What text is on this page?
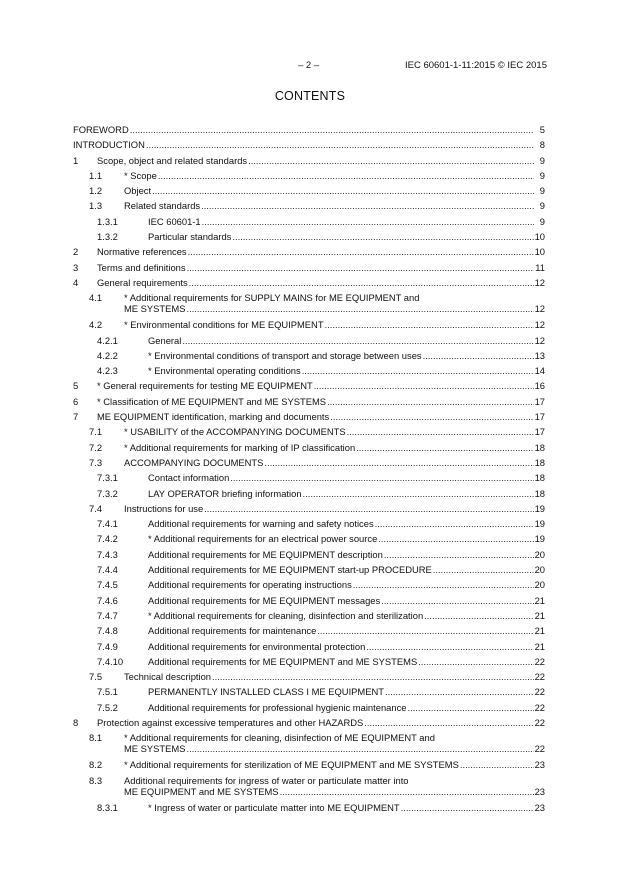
– 2 –	IEC 60601-1-11:2015 © IEC 2015
CONTENTS
FOREWORD .....	5
INTRODUCTION .....	8
1 Scope, object and related standards .....	9
1.1 * Scope .....	9
1.2 Object .....	9
1.3 Related standards .....	9
1.3.1	IEC 60601-1 .....	9
1.3.2	Particular standards .....	10
2 Normative references .....	10
3 Terms and definitions .....	11
4 General requirements .....	12
4.1 * Additional requirements for SUPPLY MAINS for ME EQUIPMENT and
ME SYSTEMS .....	12
4.2 * Environmental conditions for ME EQUIPMENT .....	12
4.2.1	General .....	12
4.2.2	* Environmental conditions of transport and storage between uses .....	13
4.2.3	* Environmental operating conditions .....	14
5 * General requirements for testing ME EQUIPMENT .....	16
6 * Classification of ME EQUIPMENT and ME SYSTEMS .....	17
7 ME EQUIPMENT identification, marking and documents .....	17
7.1 * USABILITY of the ACCOMPANYING DOCUMENTS .....	17
7.2 * Additional requirements for marking of IP classification .....	18
7.3 ACCOMPANYING DOCUMENTS .....	18
7.3.1	Contact information .....	18
7.3.2	LAY OPERATOR briefing information .....	18
7.4 Instructions for use .....	19
7.4.1	Additional requirements for warning and safety notices .....	19
7.4.2	* Additional requirements for an electrical power source .....	19
7.4.3	Additional requirements for ME EQUIPMENT description .....	20
7.4.4	Additional requirements for ME EQUIPMENT start-up PROCEDURE .....	20
7.4.5	Additional requirements for operating instructions .....	20
7.4.6	Additional requirements for ME EQUIPMENT messages .....	21
7.4.7	* Additional requirements for cleaning, disinfection and sterilization .....	21
7.4.8	Additional requirements for maintenance .....	21
7.4.9	Additional requirements for environmental protection .....	21
7.4.10	Additional requirements for ME EQUIPMENT and ME SYSTEMS .....	22
7.5 Technical description .....	22
7.5.1	PERMANENTLY INSTALLED CLASS I ME EQUIPMENT .....	22
7.5.2	Additional requirements for professional hygienic maintenance .....	22
8 Protection against excessive temperatures and other HAZARDS .....	22
8.1 * Additional requirements for cleaning, disinfection of ME EQUIPMENT and
ME SYSTEMS .....	22
8.2 * Additional requirements for sterilization of ME EQUIPMENT and ME SYSTEMS .....	23
8.3 Additional requirements for ingress of water or particulate matter into
ME EQUIPMENT and ME SYSTEMS .....	23
8.3.1	* Ingress of water or particulate matter into ME EQUIPMENT .....	23
